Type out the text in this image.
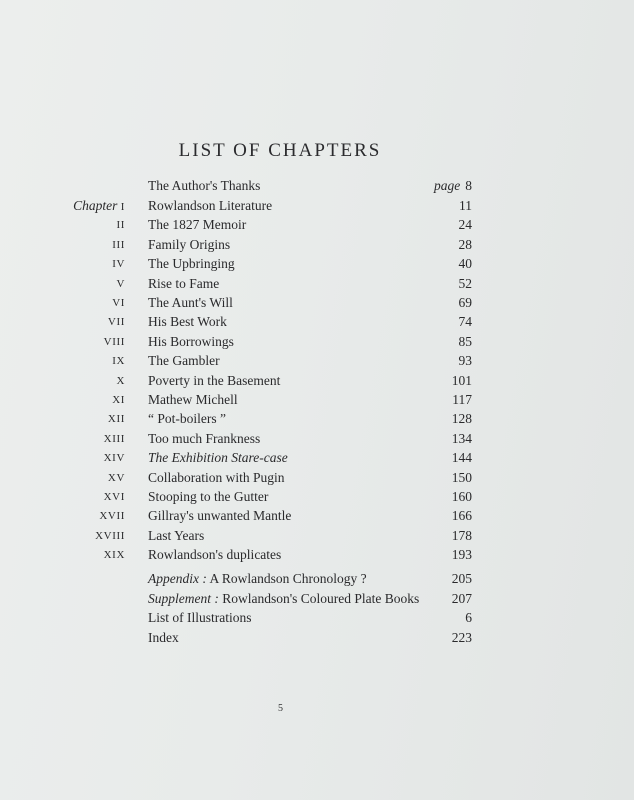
LIST OF CHAPTERS
The Author's Thanks	page 8
Chapter I Rowlandson Literature	11
II The 1827 Memoir	24
III Family Origins	28
IV The Upbringing	40
V Rise to Fame	52
VI The Aunt's Will	69
VII His Best Work	74
VIII His Borrowings	85
IX The Gambler	93
X Poverty in the Basement	101
XI Mathew Michell	117
XII “ Pot-boilers ”	128
XIII Too much Frankness	134
XIV The Exhibition Stare-case	144
XV Collaboration with Pugin	150
XVI Stooping to the Gutter	160
XVII Gillray's unwanted Mantle	166
XVIII Last Years	178
XIX Rowlandson's duplicates	193
Appendix : A Rowlandson Chronology ?	205
Supplement : Rowlandson's Coloured Plate Books 207
List of Illustrations	6
Index	223
5
